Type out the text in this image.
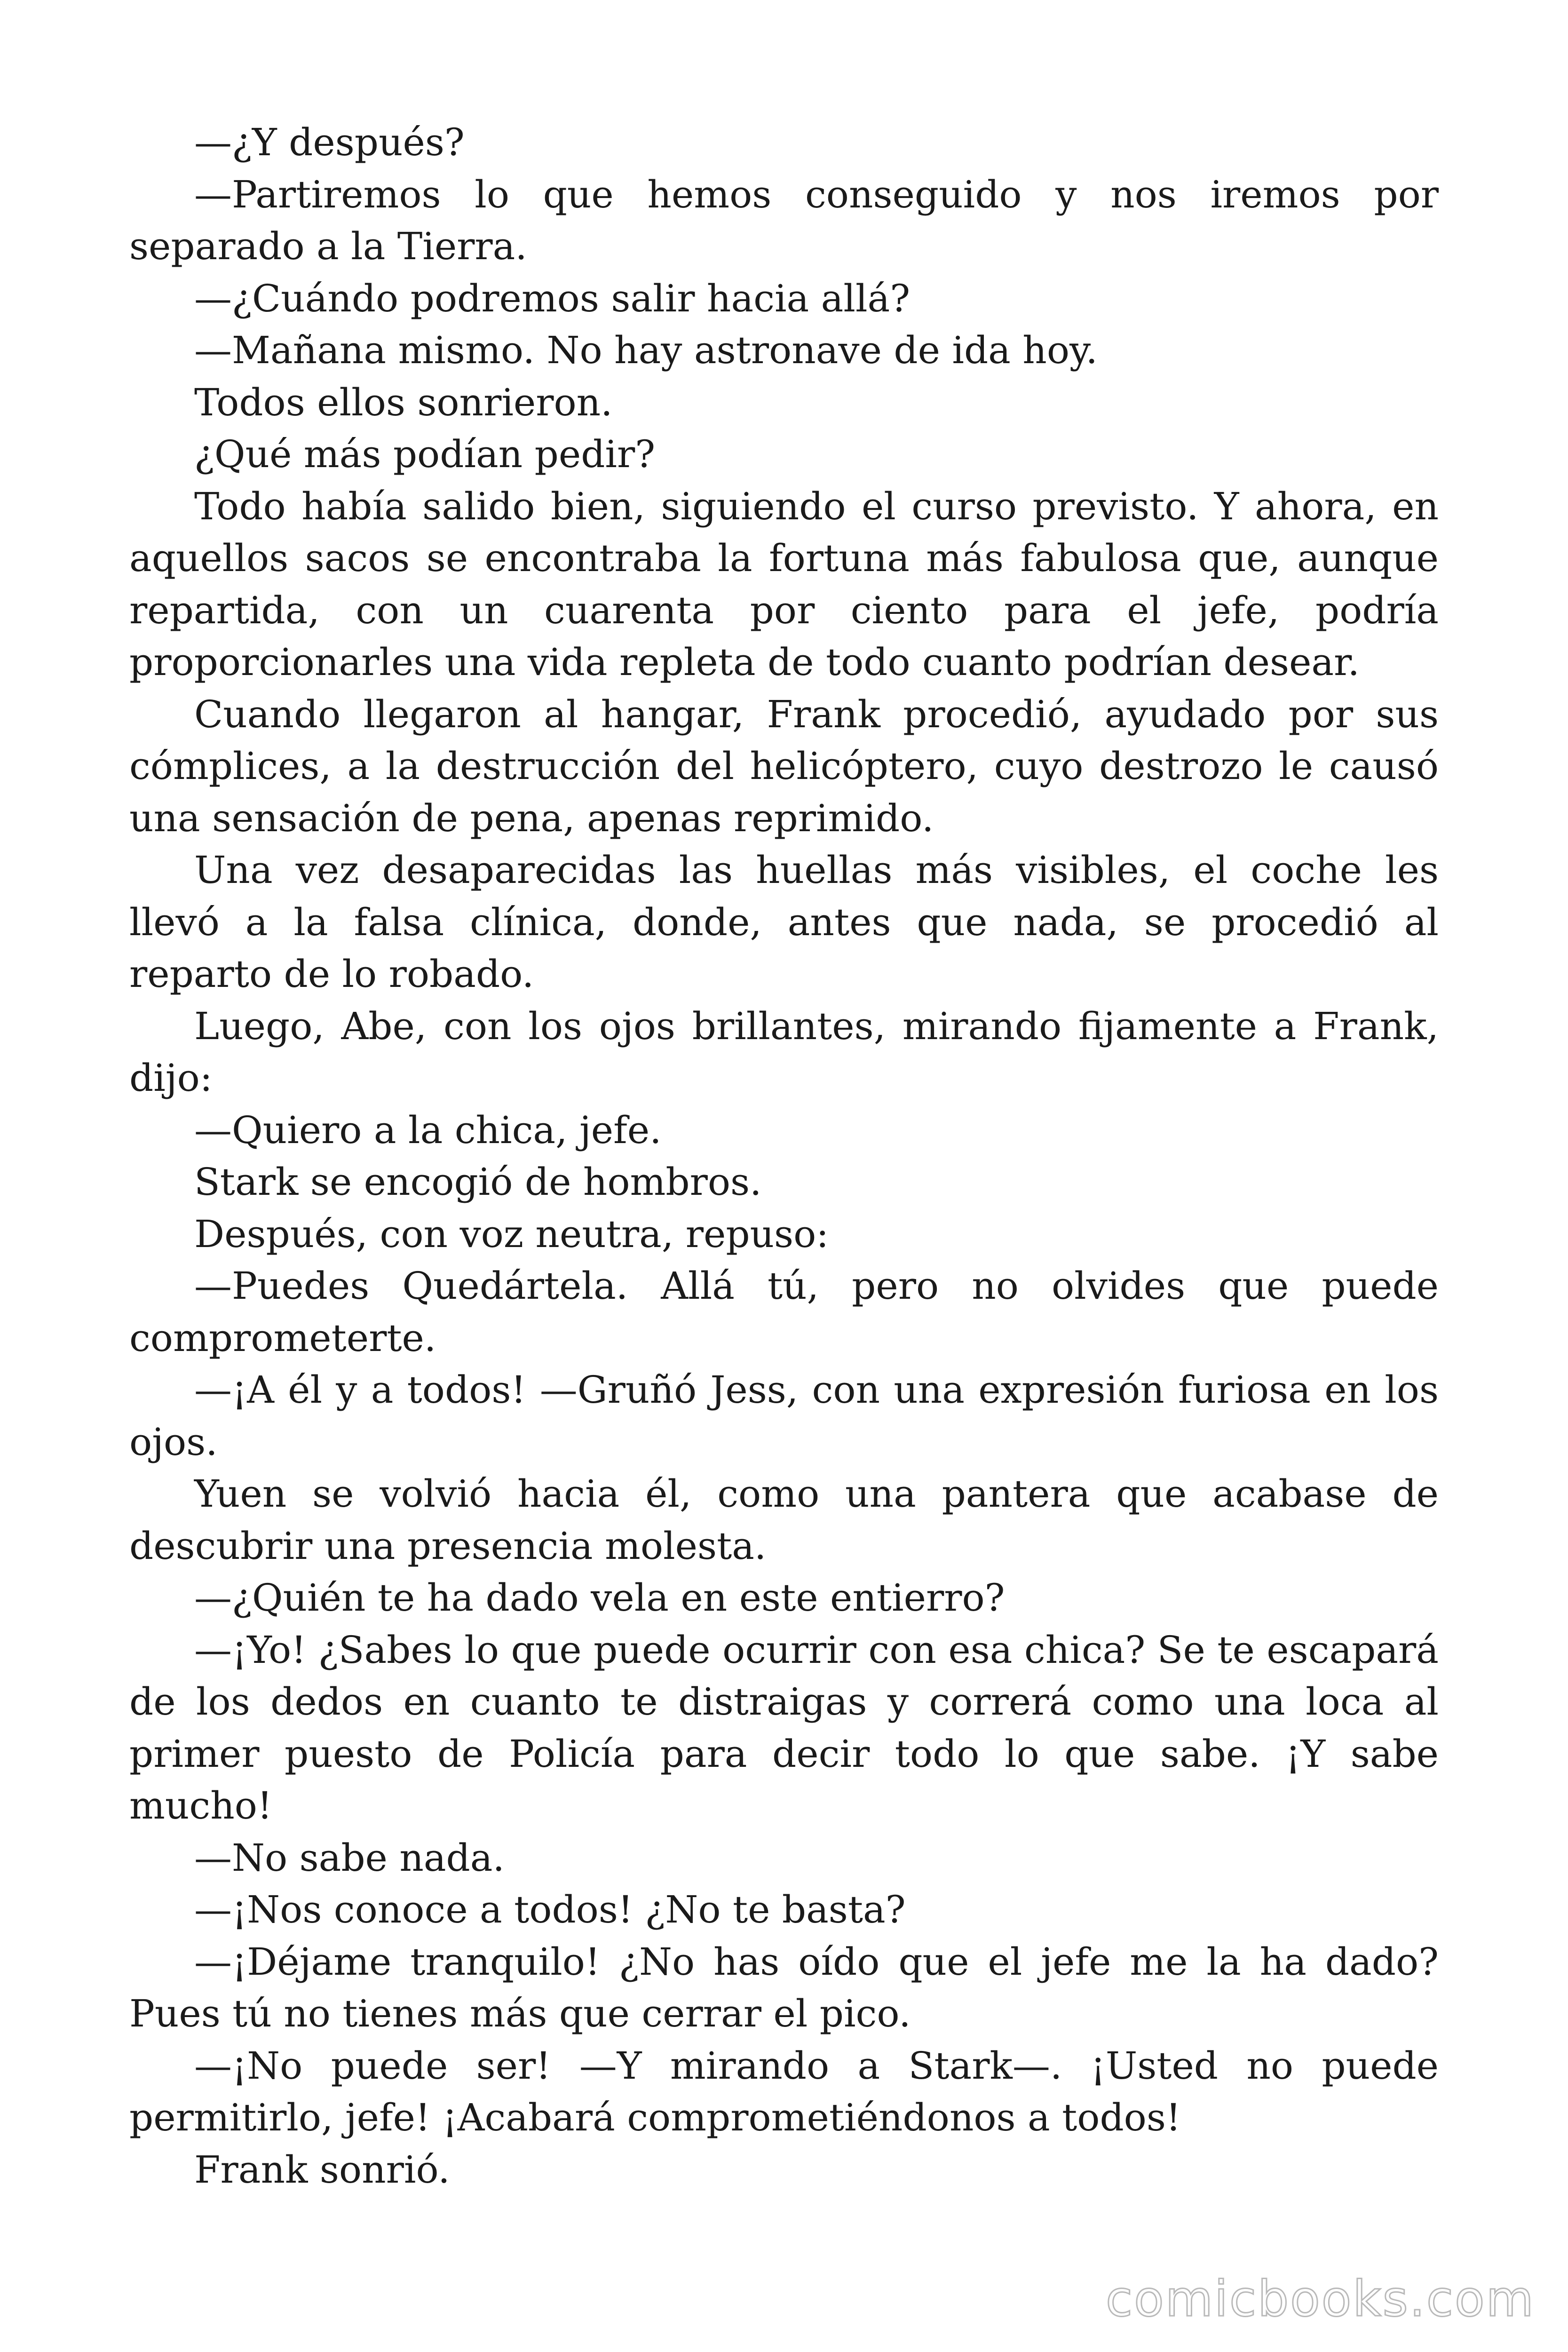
—¿Y después?

—Partiremos lo que hemos conseguido y nos iremos por separado a la Tierra.

—¿Cuándo podremos salir hacia allá?

—Mañana mismo. No hay astronave de ida hoy.

Todos ellos sonrieron.

¿Qué más podían pedir?

Todo había salido bien, siguiendo el curso previsto. Y ahora, en aquellos sacos se encontraba la fortuna más fabulosa que, aunque repartida, con un cuarenta por ciento para el jefe, podría proporcionarles una vida repleta de todo cuanto podrían desear.

Cuando llegaron al hangar, Frank procedió, ayudado por sus cómplices, a la destrucción del helicóptero, cuyo destrozo le causó una sensación de pena, apenas reprimido.

Una vez desaparecidas las huellas más visibles, el coche les llevó a la falsa clínica, donde, antes que nada, se procedió al reparto de lo robado.

Luego, Abe, con los ojos brillantes, mirando fijamente a Frank, dijo:

—Quiero a la chica, jefe.

Stark se encogió de hombros.

Después, con voz neutra, repuso:

—Puedes Quedártela. Allá tú, pero no olvides que puede comprometerte.

—¡A él y a todos! —Gruñó Jess, con una expresión furiosa en los ojos.

Yuen se volvió hacia él, como una pantera que acabase de descubrir una presencia molesta.

—¿Quién te ha dado vela en este entierro?

—¡Yo! ¿Sabes lo que puede ocurrir con esa chica? Se te escapará de los dedos en cuanto te distraigas y correrá como una loca al primer puesto de Policía para decir todo lo que sabe. ¡Y sabe mucho!

—No sabe nada.

—¡Nos conoce a todos! ¿No te basta?

—¡Déjame tranquilo! ¿No has oído que el jefe me la ha dado? Pues tú no tienes más que cerrar el pico.

—¡No puede ser! —Y mirando a Stark—. ¡Usted no puede permitirlo, jefe! ¡Acabará comprometiéndonos a todos!

Frank sonrió.

comicbooks.com
